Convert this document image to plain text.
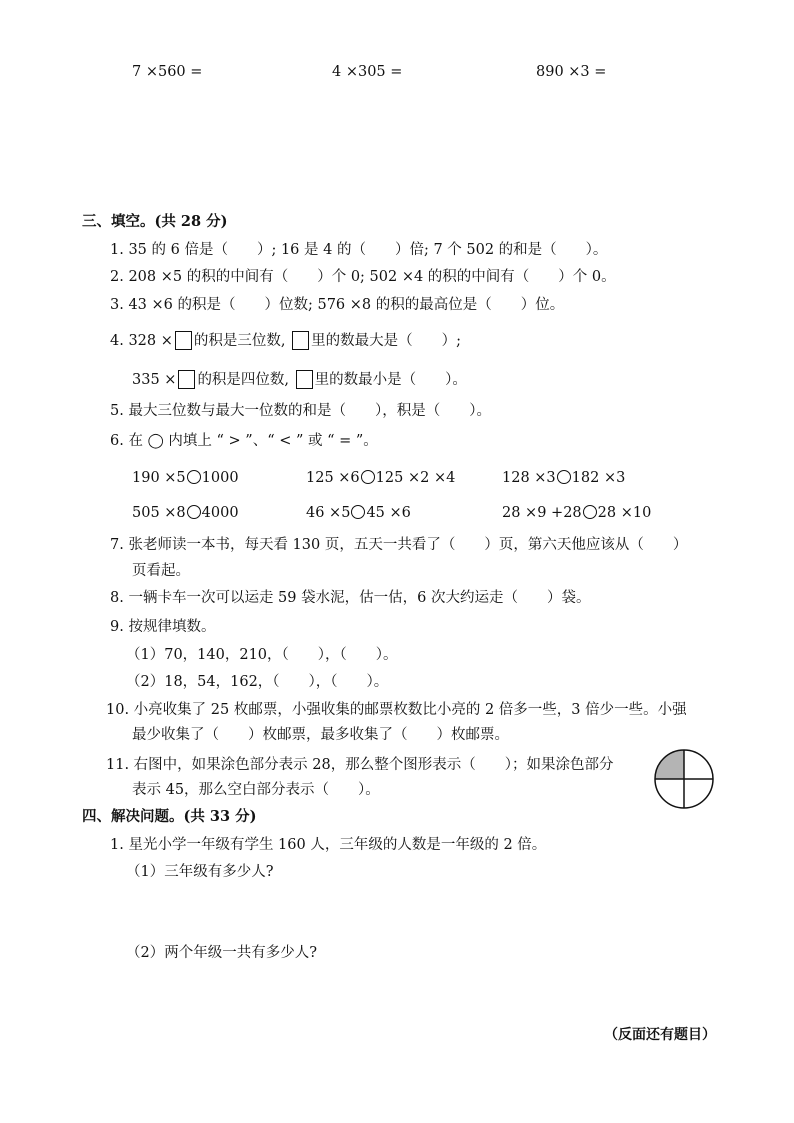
7 ×560 =	4 ×305 =	890 ×3 =
三、填空。(共 28 分)
1. 35 的 6 倍是（　　）; 16 是 4 的（　　）倍; 7 个 502 的和是（　　）。
2. 208 ×5 的积的中间有（　　）个 0; 502 ×4 的积的中间有（　　）个 0。
3. 43 ×6 的积是（　　）位数; 576 ×8 的积的最高位是（　　）位。
4. 328 × 的积是三位数, 里的数最大是（　　）;
335 × 的积是四位数, 里的数最小是（　　）。
5. 最大三位数与最大一位数的和是（　　），积是（　　）。
6. 在 ◯ 内填上 “ > ”、“ < ” 或 “ = ”。
190 ×5 1000	125 ×6 125 ×2 ×4	128 ×3 182 ×3
505 ×8 4000	46 ×5 45 ×6	28 ×9 +28 28 ×10
7. 张老师读一本书，每天看 130 页，五天一共看了（　　）页，第六天他应该从（　　）
页看起。
8. 一辆卡车一次可以运走 59 袋水泥，估一估，6 次大约运走（　　）袋。
9. 按规律填数。
（1）70，140，210，（　　），（　　）。
（2）18，54，162，（　　），（　　）。
10. 小亮收集了 25 枚邮票，小强收集的邮票枚数比小亮的 2 倍多一些，3 倍少一些。小强
最少收集了（　　）枚邮票，最多收集了（　　）枚邮票。
11. 右图中，如果涂色部分表示 28，那么整个图形表示（　　）；如果涂色部分
表示 45，那么空白部分表示（　　）。
四、解决问题。(共 33 分)
1. 星光小学一年级有学生 160 人，三年级的人数是一年级的 2 倍。
（1）三年级有多少人?
（2）两个年级一共有多少人?
（反面还有题目）
